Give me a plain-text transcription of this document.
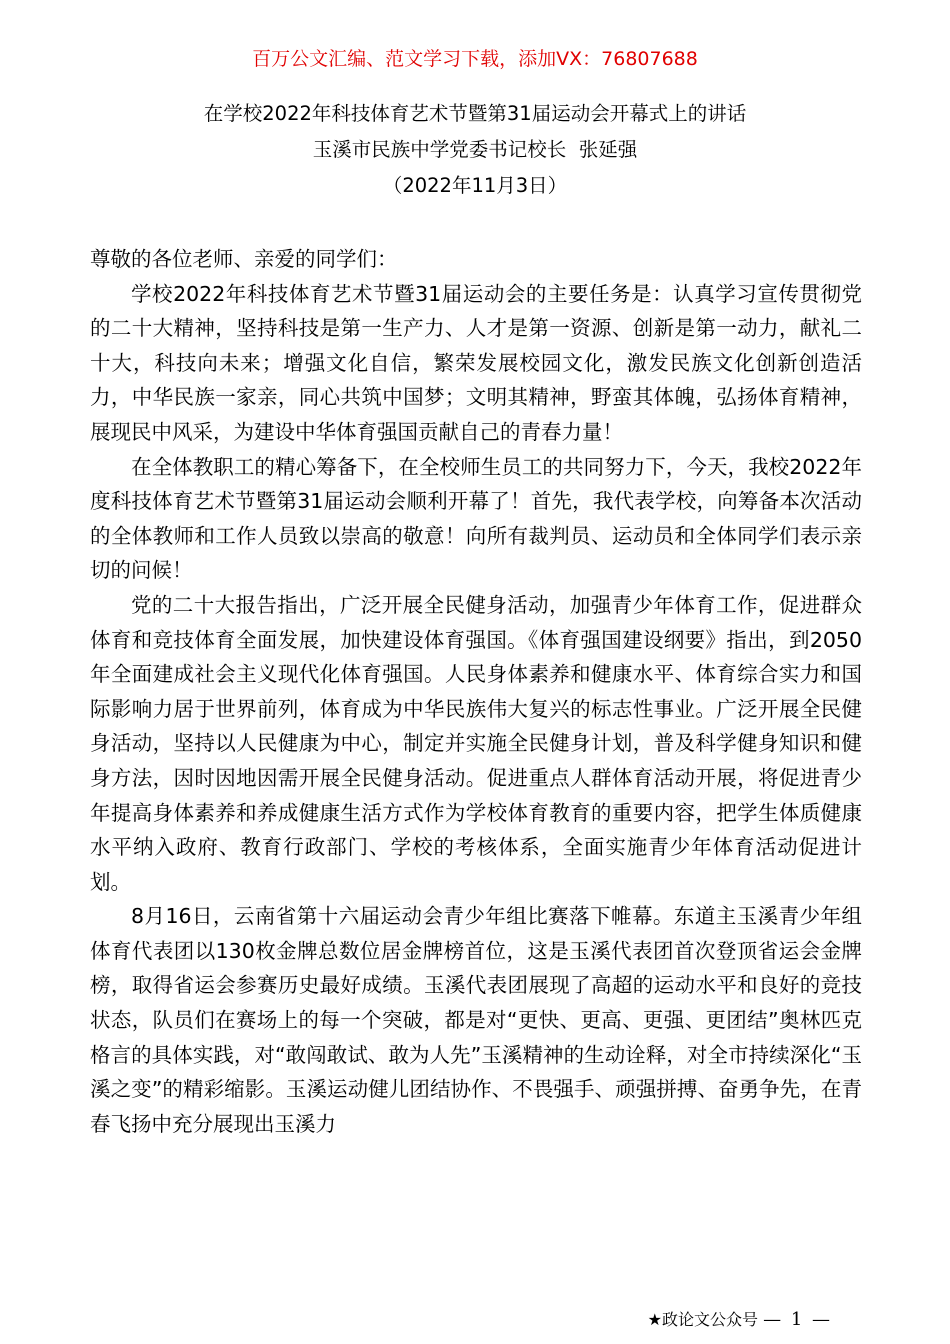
百万公文汇编、范文学习下载，添加VX：76807688
在学校2022年科技体育艺术节暨第31届运动会开幕式上的讲话
玉溪市民族中学党委书记校长  张延强
（2022年11月3日）

尊敬的各位老师、亲爱的同学们：

学校2022年科技体育艺术节暨31届运动会的主要任务是：认真学习宣传贯彻党的二十大精神，坚持科技是第一生产力、人才是第一资源、创新是第一动力，献礼二十大，科技向未来；增强文化自信，繁荣发展校园文化，激发民族文化创新创造活力，中华民族一家亲，同心共筑中国梦；文明其精神，野蛮其体魄，弘扬体育精神，展现民中风采，为建设中华体育强国贡献自己的青春力量！

在全体教职工的精心筹备下，在全校师生员工的共同努力下，今天，我校2022年度科技体育艺术节暨第31届运动会顺利开幕了！首先，我代表学校，向筹备本次活动的全体教师和工作人员致以崇高的敬意！向所有裁判员、运动员和全体同学们表示亲切的问候！

党的二十大报告指出，广泛开展全民健身活动，加强青少年体育工作，促进群众体育和竞技体育全面发展，加快建设体育强国。《体育强国建设纲要》指出，到2050年全面建成社会主义现代化体育强国。人民身体素养和健康水平、体育综合实力和国际影响力居于世界前列，体育成为中华民族伟大复兴的标志性事业。广泛开展全民健身活动，坚持以人民健康为中心，制定并实施全民健身计划，普及科学健身知识和健身方法，因时因地因需开展全民健身活动。促进重点人群体育活动开展，将促进青少年提高身体素养和养成健康生活方式作为学校体育教育的重要内容，把学生体质健康水平纳入政府、教育行政部门、学校的考核体系，全面实施青少年体育活动促进计划。

8月16日，云南省第十六届运动会青少年组比赛落下帷幕。东道主玉溪青少年组体育代表团以130枚金牌总数位居金牌榜首位，这是玉溪代表团首次登顶省运会金牌榜，取得省运会参赛历史最好成绩。玉溪代表团展现了高超的运动水平和良好的竞技状态，队员们在赛场上的每一个突破，都是对“更快、更高、更强、更团结”奥林匹克格言的具体实践，对“敢闯敢试、敢为人先”玉溪精神的生动诠释，对全市持续深化“玉溪之变”的精彩缩影。玉溪运动健儿团结协作、不畏强手、顽强拼搏、奋勇争先，在青春飞扬中充分展现出玉溪力

★政论文公众号 — 1 —
